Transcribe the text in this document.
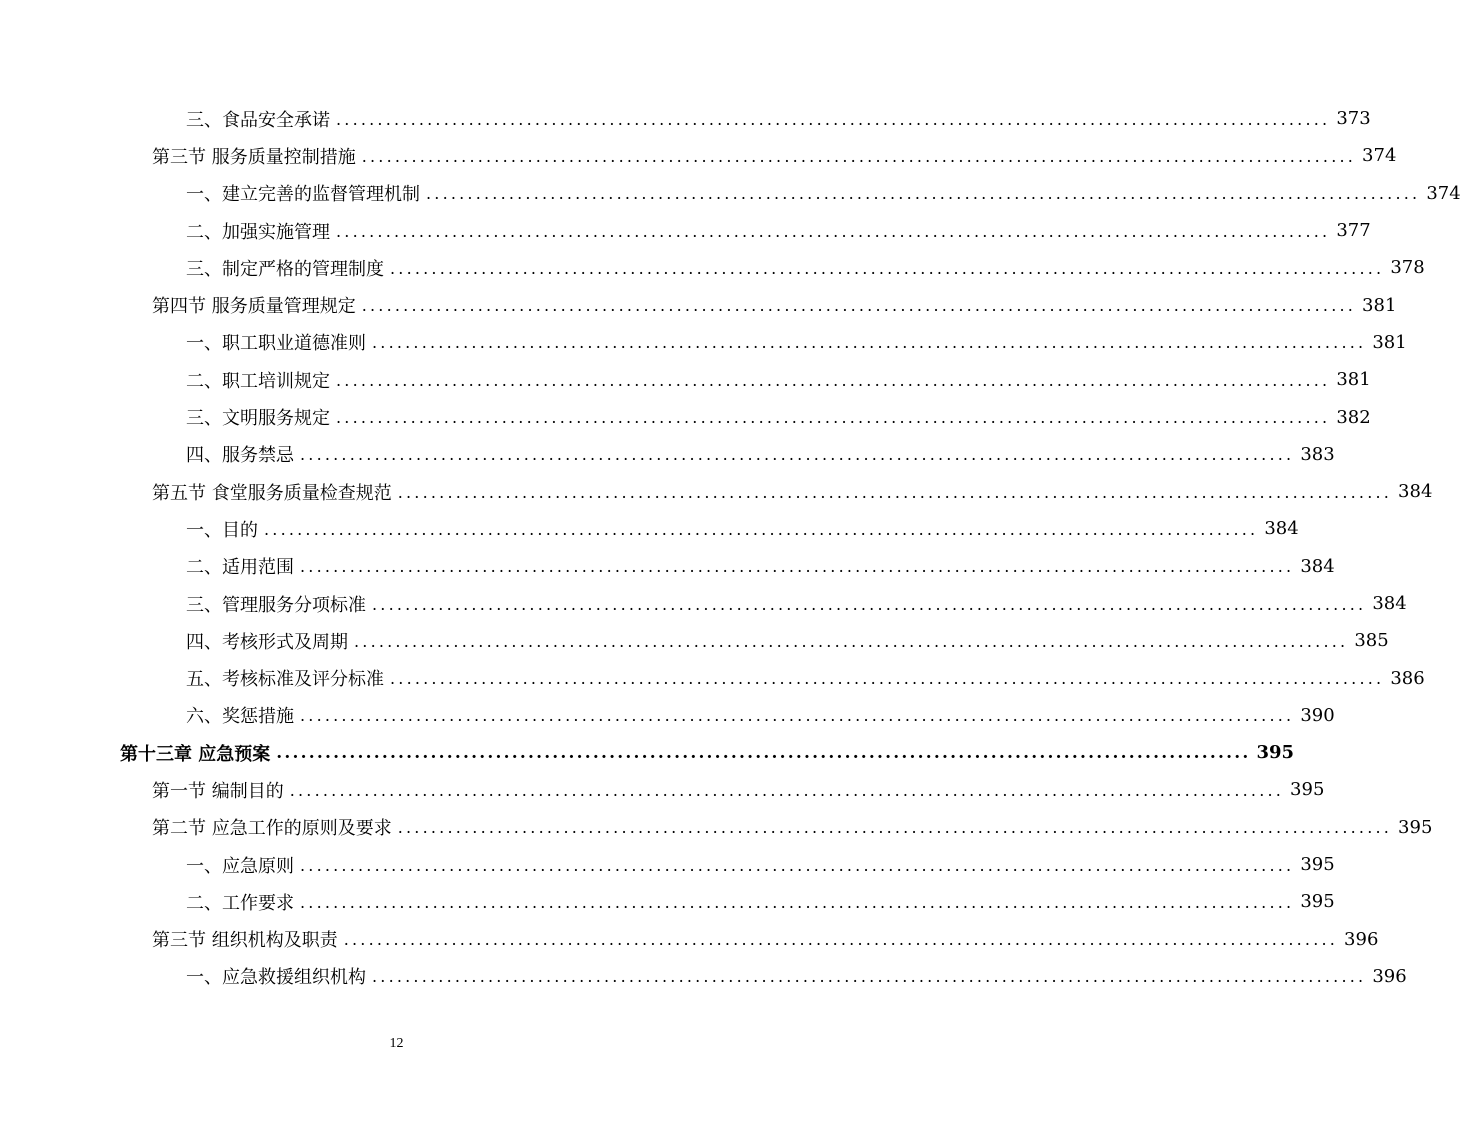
三、食品安全承诺 ........................................................................................................................ 373
第三节 服务质量控制措施 ........................................................................................................................ 374
一、建立完善的监督管理机制 ........................................................................................................................ 374
二、加强实施管理 ........................................................................................................................ 377
三、制定严格的管理制度 ........................................................................................................................ 378
第四节 服务质量管理规定 ........................................................................................................................ 381
一、职工职业道德准则 ........................................................................................................................ 381
二、职工培训规定 ........................................................................................................................ 381
三、文明服务规定 ........................................................................................................................ 382
四、服务禁忌 ........................................................................................................................ 383
第五节 食堂服务质量检查规范 ........................................................................................................................ 384
一、目的 ........................................................................................................................ 384
二、适用范围 ........................................................................................................................ 384
三、管理服务分项标准 ........................................................................................................................ 384
四、考核形式及周期 ........................................................................................................................ 385
五、考核标准及评分标准 ........................................................................................................................ 386
六、奖惩措施 ........................................................................................................................ 390
第十三章 应急预案 ........................................................................................................................ 395
第一节 编制目的 ........................................................................................................................ 395
第二节 应急工作的原则及要求 ........................................................................................................................ 395
一、应急原则 ........................................................................................................................ 395
二、工作要求 ........................................................................................................................ 395
第三节 组织机构及职责 ........................................................................................................................ 396
一、应急救援组织机构 ........................................................................................................................ 396
12
